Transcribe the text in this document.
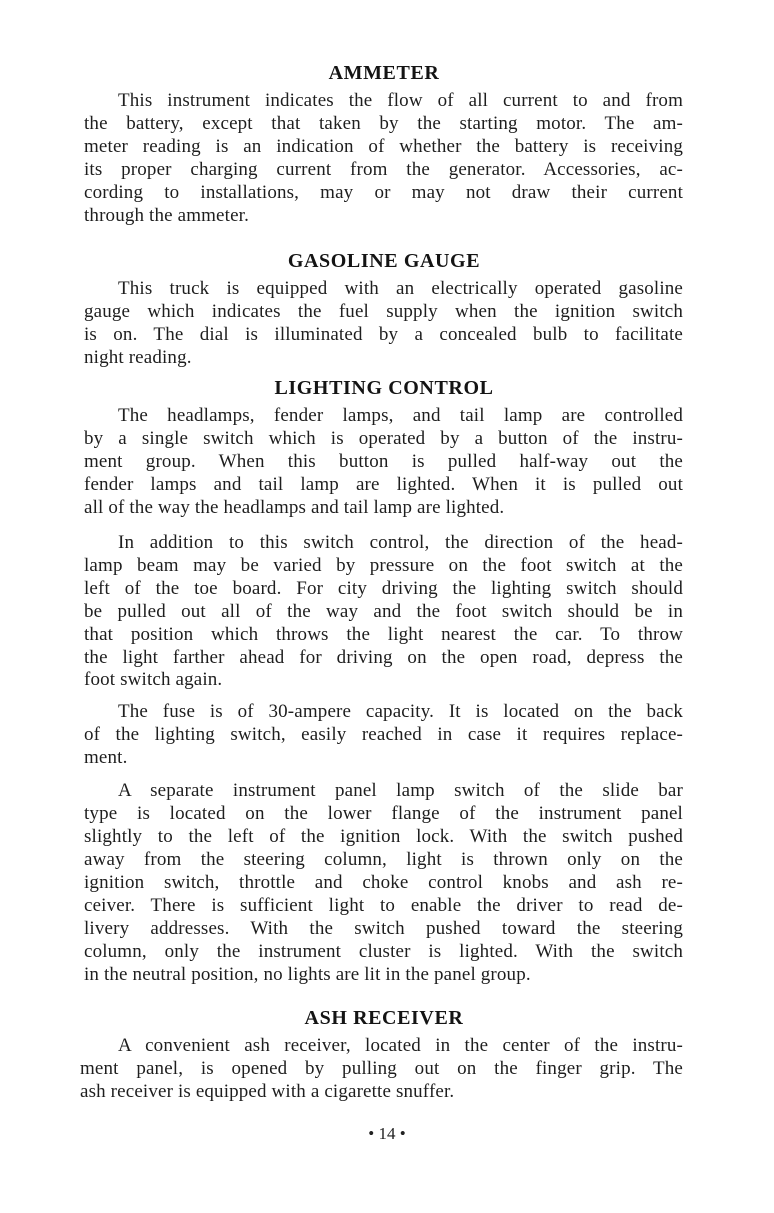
AMMETER
This instrument indicates the flow of all current to and from
the battery, except that taken by the starting motor. The am-
meter reading is an indication of whether the battery is receiving
its proper charging current from the generator. Accessories, ac-
cording to installations, may or may not draw their current
through the ammeter.
GASOLINE GAUGE
This truck is equipped with an electrically operated gasoline
gauge which indicates the fuel supply when the ignition switch
is on. The dial is illuminated by a concealed bulb to facilitate
night reading.
LIGHTING CONTROL
The headlamps, fender lamps, and tail lamp are controlled
by a single switch which is operated by a button of the instru-
ment group. When this button is pulled half-way out the
fender lamps and tail lamp are lighted. When it is pulled out
all of the way the headlamps and tail lamp are lighted.
In addition to this switch control, the direction of the head-
lamp beam may be varied by pressure on the foot switch at the
left of the toe board. For city driving the lighting switch should
be pulled out all of the way and the foot switch should be in
that position which throws the light nearest the car. To throw
the light farther ahead for driving on the open road, depress the
foot switch again.
The fuse is of 30-ampere capacity. It is located on the back
of the lighting switch, easily reached in case it requires replace-
ment.
A separate instrument panel lamp switch of the slide bar
type is located on the lower flange of the instrument panel
slightly to the left of the ignition lock. With the switch pushed
away from the steering column, light is thrown only on the
ignition switch, throttle and choke control knobs and ash re-
ceiver. There is sufficient light to enable the driver to read de-
livery addresses. With the switch pushed toward the steering
column, only the instrument cluster is lighted. With the switch
in the neutral position, no lights are lit in the panel group.
ASH RECEIVER
A convenient ash receiver, located in the center of the instru-
ment panel, is opened by pulling out on the finger grip. The
ash receiver is equipped with a cigarette snuffer.
• 14 •
